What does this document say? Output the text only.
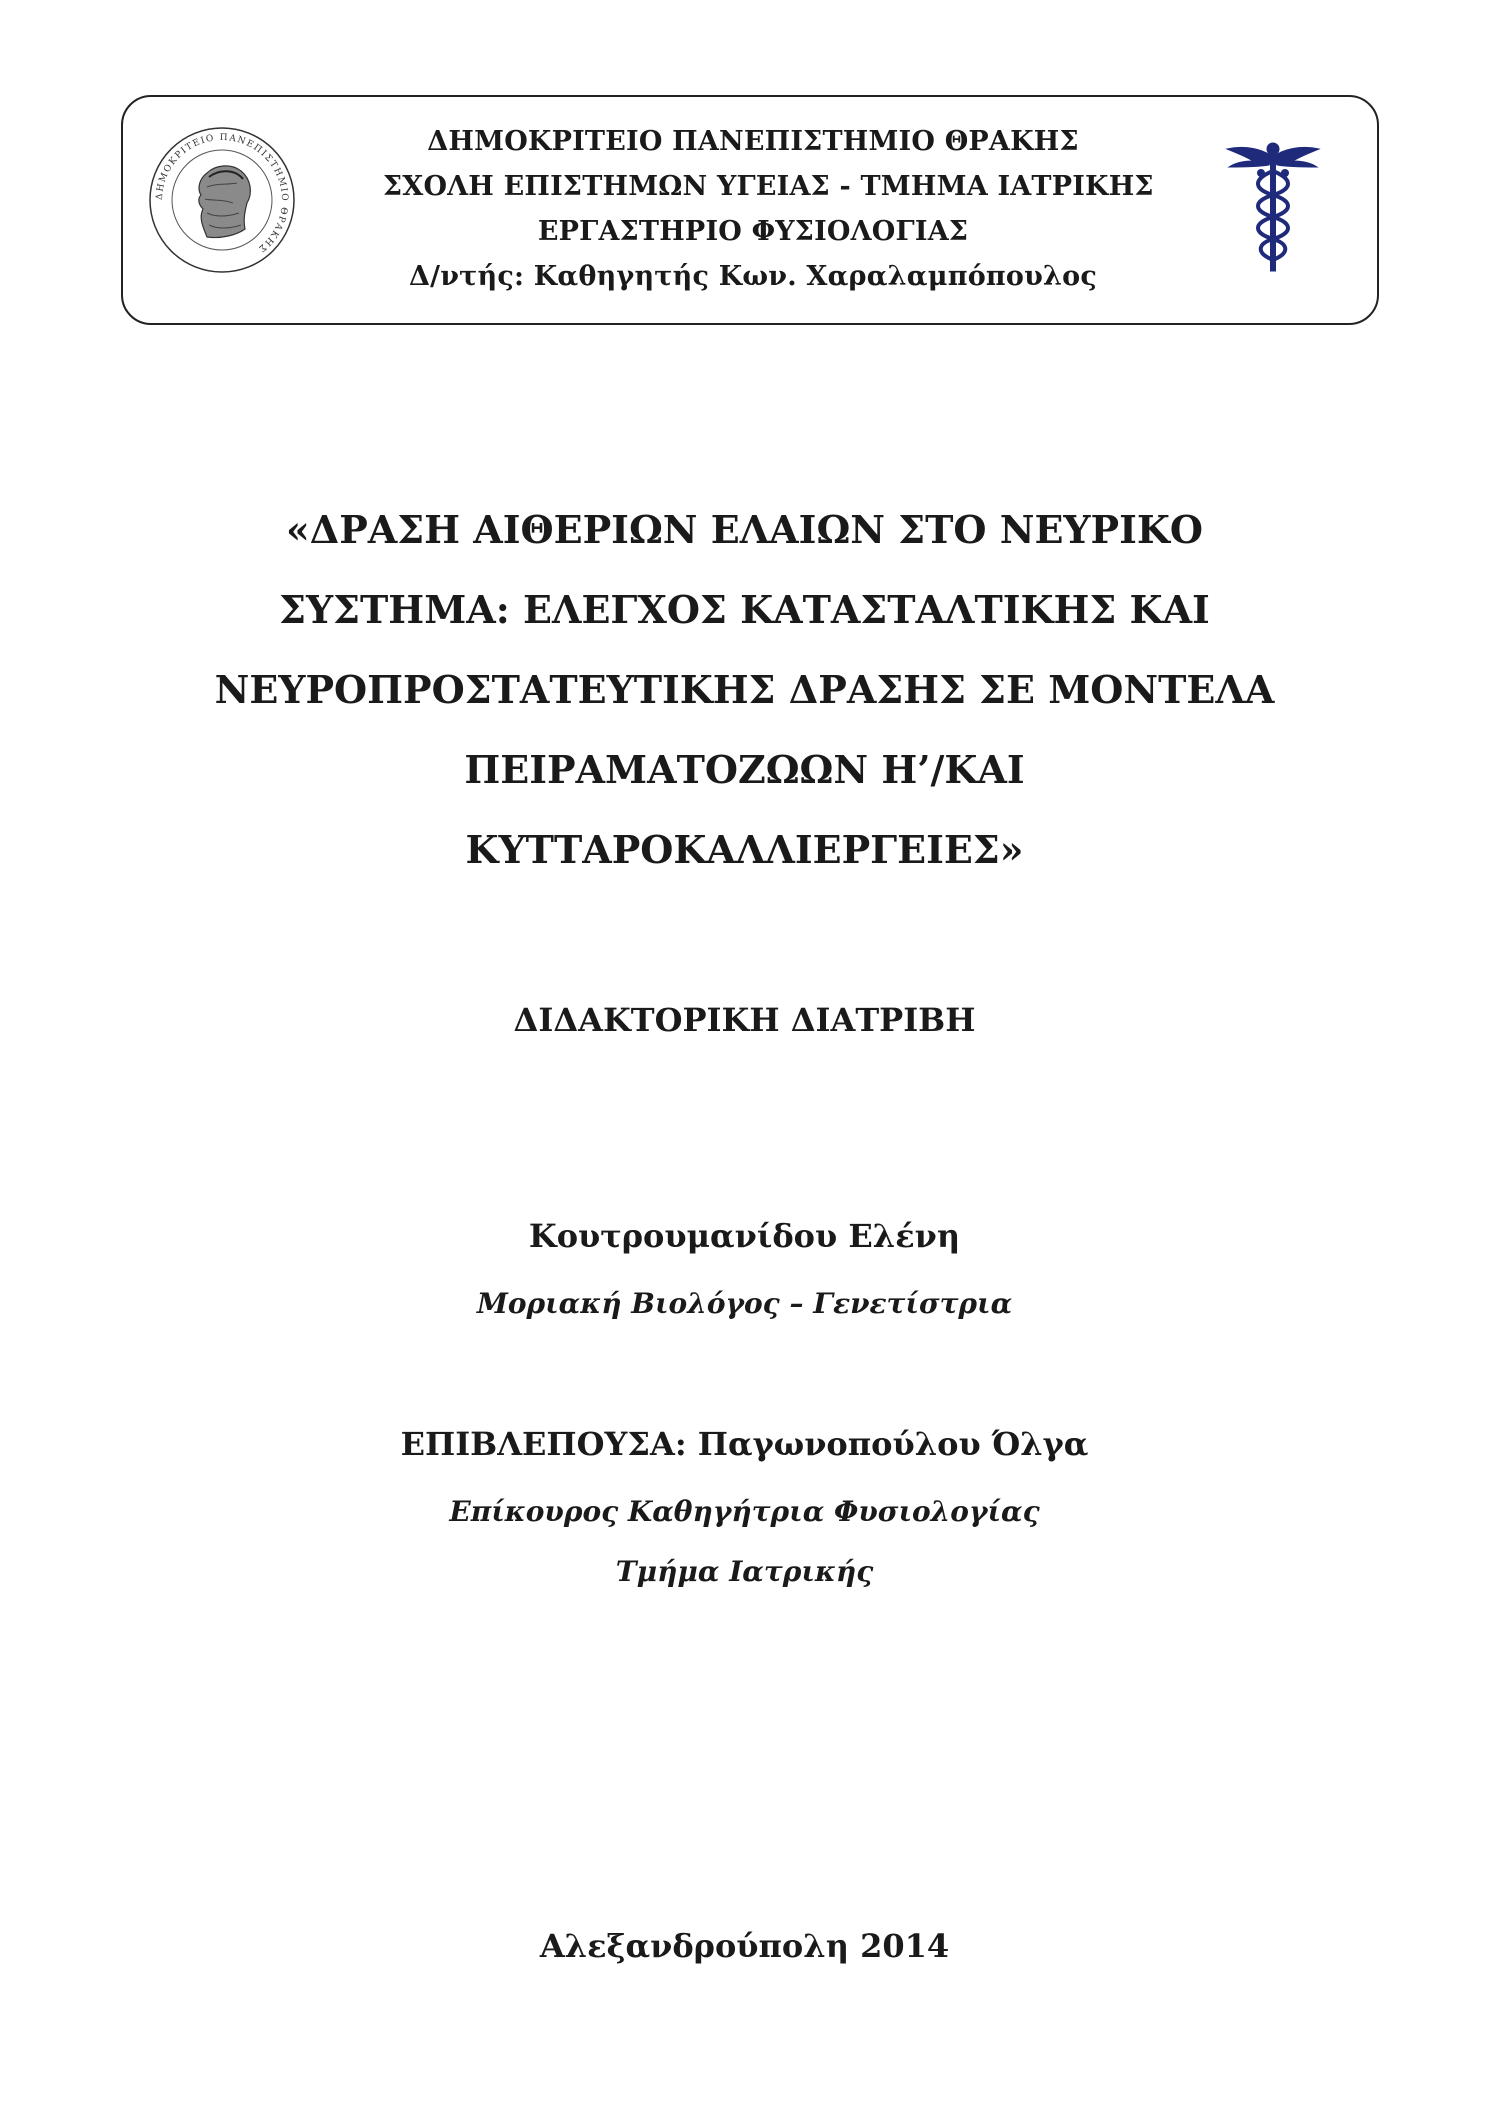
ΔΗΜΟΚΡΙΤΕΙΟ ΠΑΝΕΠΙΣΤΗΜΙΟ ΘΡΑΚΗΣ
ΔΗΜΟΚΡΙΤΕΙΟ ΠΑΝΕΠΙΣΤΗΜΙΟ ΘΡΑΚΗΣ
ΣΧΟΛΗ ΕΠΙΣΤΗΜΩΝ ΥΓΕΙΑΣ - ΤΜΗΜΑ ΙΑΤΡΙΚΗΣ
ΕΡΓΑΣΤΗΡΙΟ ΦΥΣΙΟΛΟΓΙΑΣ
Δ/ντής: Καθηγητής Κων. Χαραλαμπόπουλος
«ΔΡΑΣΗ ΑΙΘΕΡΙΩΝ ΕΛΑΙΩΝ ΣΤΟ ΝΕΥΡΙΚΟ
ΣΥΣΤΗΜΑ: ΕΛΕΓΧΟΣ ΚΑΤΑΣΤΑΛΤΙΚΗΣ ΚΑΙ
ΝΕΥΡΟΠΡΟΣΤΑΤΕΥΤΙΚΗΣ ΔΡΑΣΗΣ ΣΕ ΜΟΝΤΕΛΑ
ΠΕΙΡΑΜΑΤΟΖΩΩΝ Η’/ΚΑΙ
ΚΥΤΤΑΡΟΚΑΛΛΙΕΡΓΕΙΕΣ»
ΔΙΔΑΚΤΟΡΙΚΗ ΔΙΑΤΡΙΒΗ
Κουτρουμανίδου Ελένη
Μοριακή Βιολόγος – Γενετίστρια
ΕΠΙΒΛΕΠΟΥΣΑ: Παγωνοπούλου Όλγα
Επίκουρος Καθηγήτρια Φυσιολογίας
Τμήμα Ιατρικής
Αλεξανδρούπολη 2014
